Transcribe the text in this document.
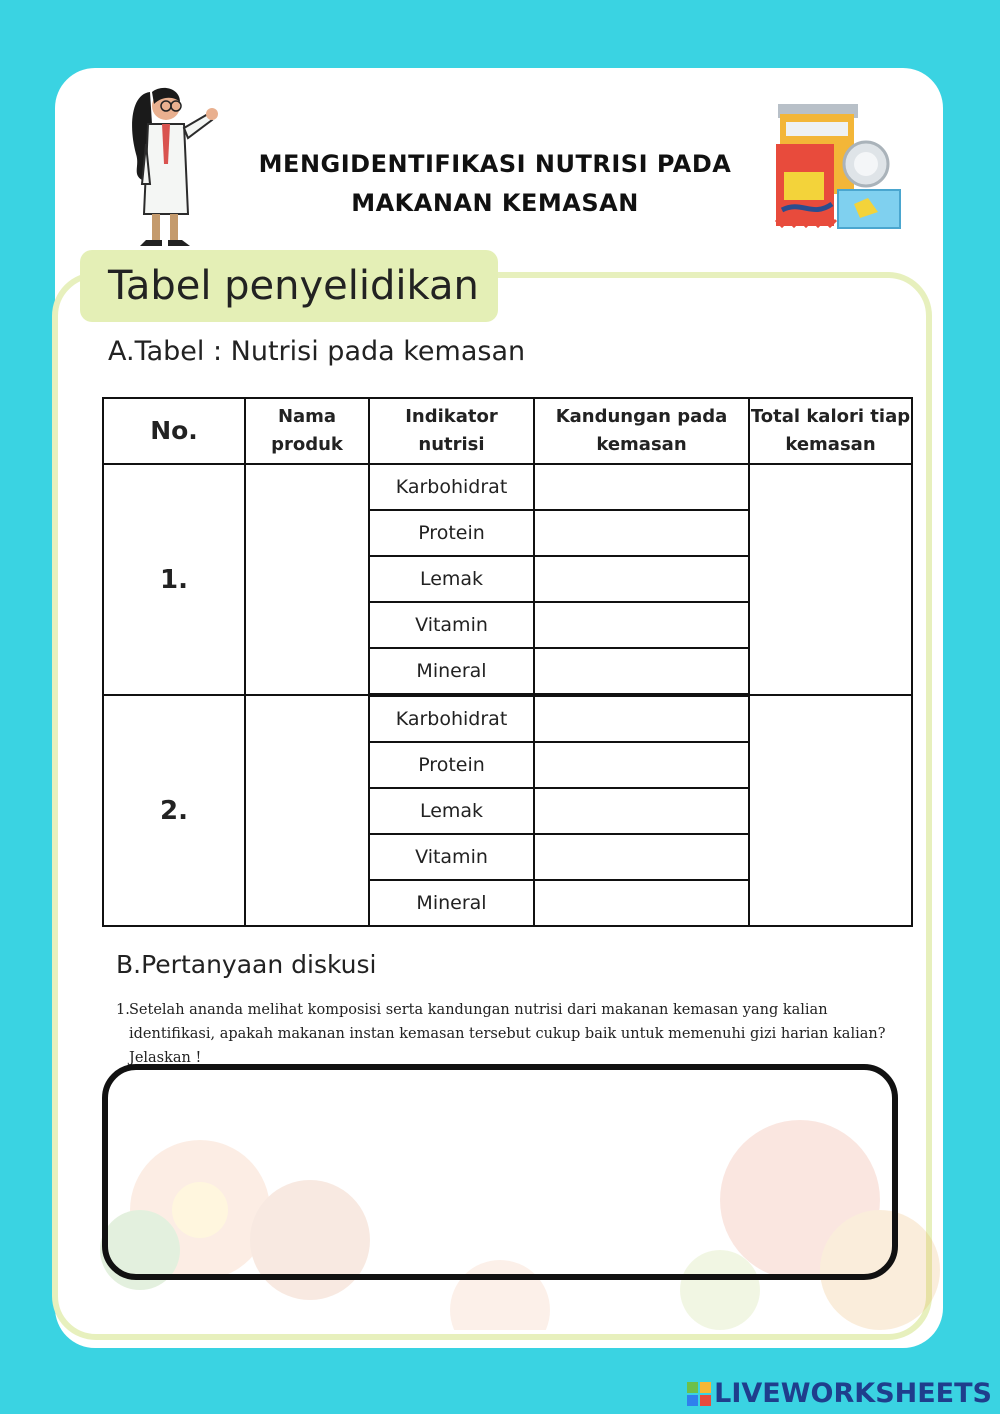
MENGIDENTIFIKASI NUTRISI PADA
MAKANAN KEMASAN
Tabel penyelidikan
A.Tabel : Nutrisi pada kemasan
No.	Nama produk	Indikator nutrisi	Kandungan pada kemasan	Total kalori tiap kemasan
1.		Karbohidrat		
		Protein		
		Lemak		
		Vitamin		
		Mineral		
2.		Karbohidrat		
		Protein		
		Lemak		
		Vitamin		
		Mineral		
B.Pertanyaan diskusi
1. Setelah ananda melihat komposisi serta kandungan nutrisi dari makanan kemasan yang kalian identifikasi, apakah makanan instan kemasan tersebut cukup baik untuk memenuhi gizi harian kalian? Jelaskan !
LIVEWORKSHEETS
